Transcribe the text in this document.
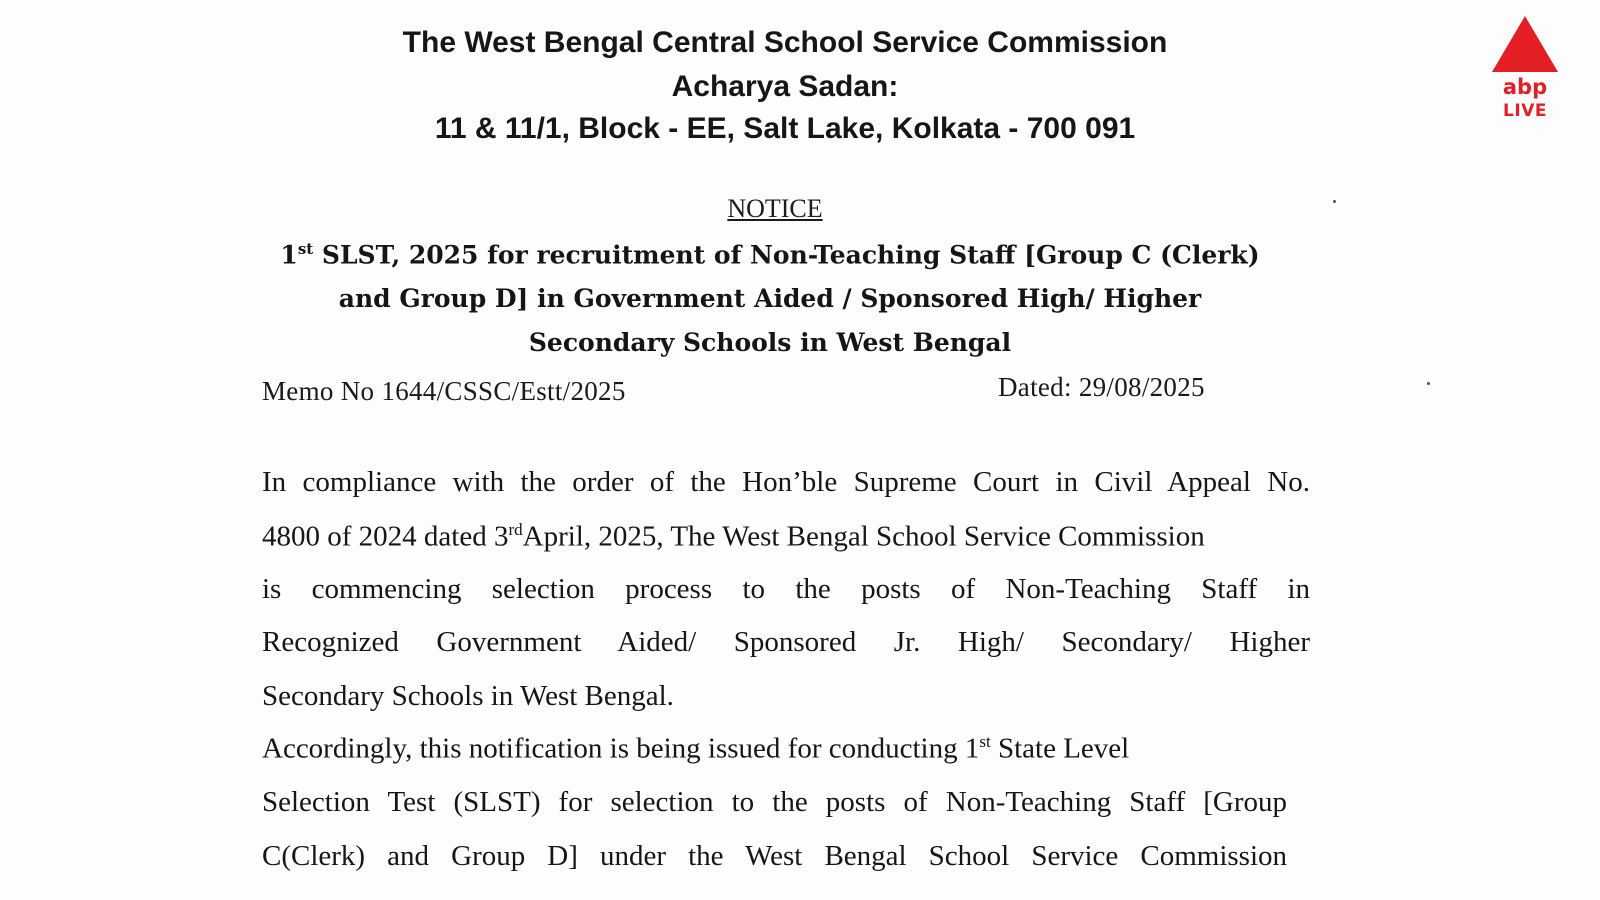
The West Bengal Central School Service Commission
Acharya Sadan:
11 & 11/1, Block - EE, Salt Lake, Kolkata - 700 091
NOTICE
1st SLST, 2025 for recruitment of Non-Teaching Staff [Group C (Clerk)
and Group D] in Government Aided / Sponsored High/ Higher
Secondary Schools in West Bengal
Memo No 1644/CSSC/Estt/2025	Dated: 29/08/2025
In compliance with the order of the Hon’ble Supreme Court in Civil Appeal No.
4800 of 2024 dated 3rdApril, 2025, The West Bengal School Service Commission
is commencing selection process to the posts of Non-Teaching Staff in
Recognized Government Aided/ Sponsored Jr. High/ Secondary/ Higher
Secondary Schools in West Bengal.
Accordingly, this notification is being issued for conducting 1st State Level
Selection Test (SLST) for selection to the posts of Non-Teaching Staff [Group
C(Clerk) and Group D] under the West Bengal School Service Commission
abp
LIVE
